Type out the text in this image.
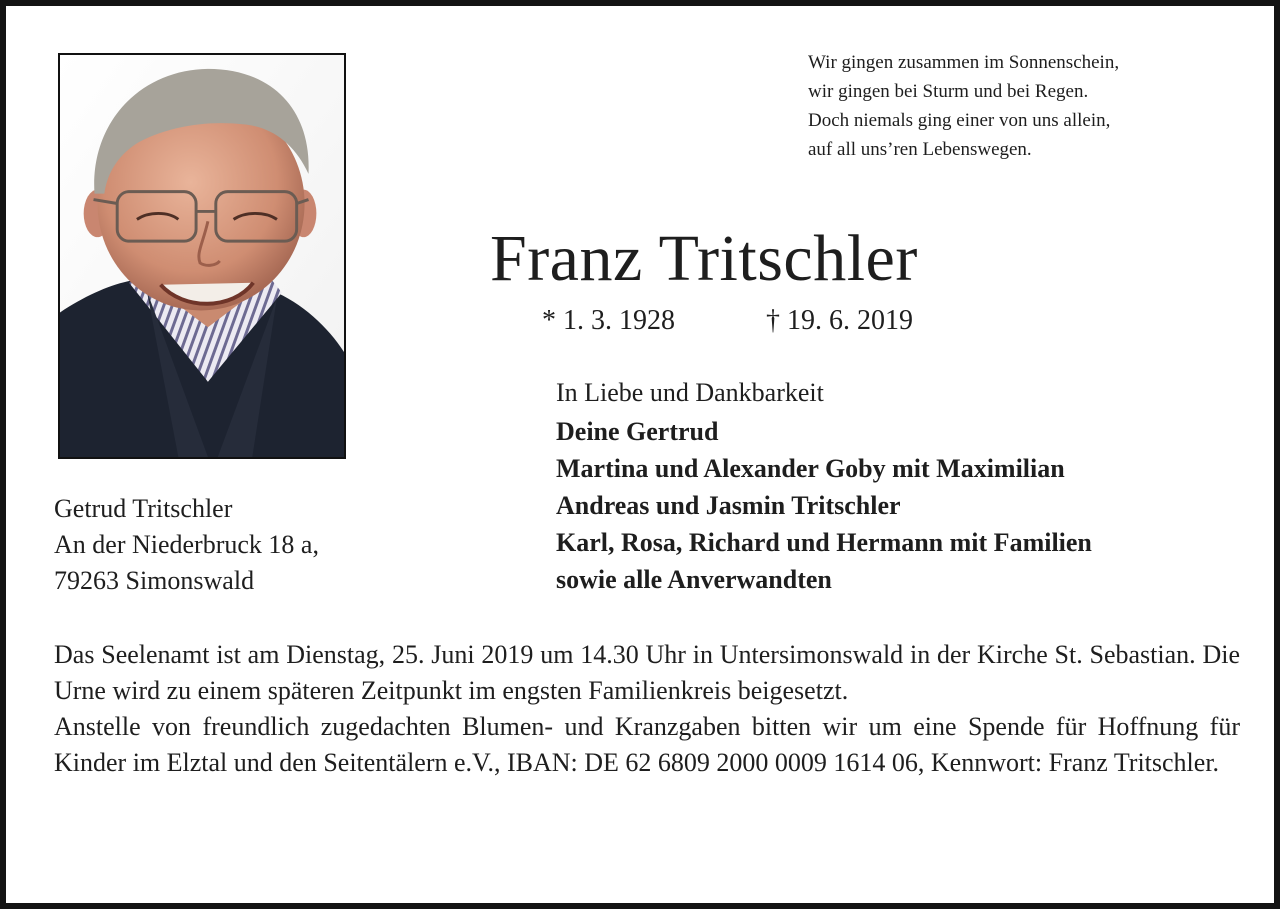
Wir gingen zusammen im Sonnenschein,
wir gingen bei Sturm und bei Regen.
Doch niemals ging einer von uns allein,
auf all uns’ren Lebenswegen.
Franz Tritschler
* 1. 3. 1928	† 19. 6. 2019
In Liebe und Dankbarkeit
Deine Gertrud
Martina und Alexander Goby mit Maximilian
Andreas und Jasmin Tritschler
Karl, Rosa, Richard und Hermann mit Familien
sowie alle Anverwandten
Getrud Tritschler
An der Niederbruck 18 a,
79263 Simonswald

Das Seelenamt ist am Dienstag, 25. Juni 2019 um 14.30 Uhr in Untersimonswald in der Kirche St. Sebastian. Die Urne wird zu einem späteren Zeitpunkt im engsten Familienkreis beigesetzt.

Anstelle von freundlich zugedachten Blumen- und Kranzgaben bitten wir um eine Spende für Hoffnung für Kinder im Elztal und den Seitentälern e.V., IBAN: DE 62 6809 2000 0009 1614 06, Kennwort: Franz Tritschler.
